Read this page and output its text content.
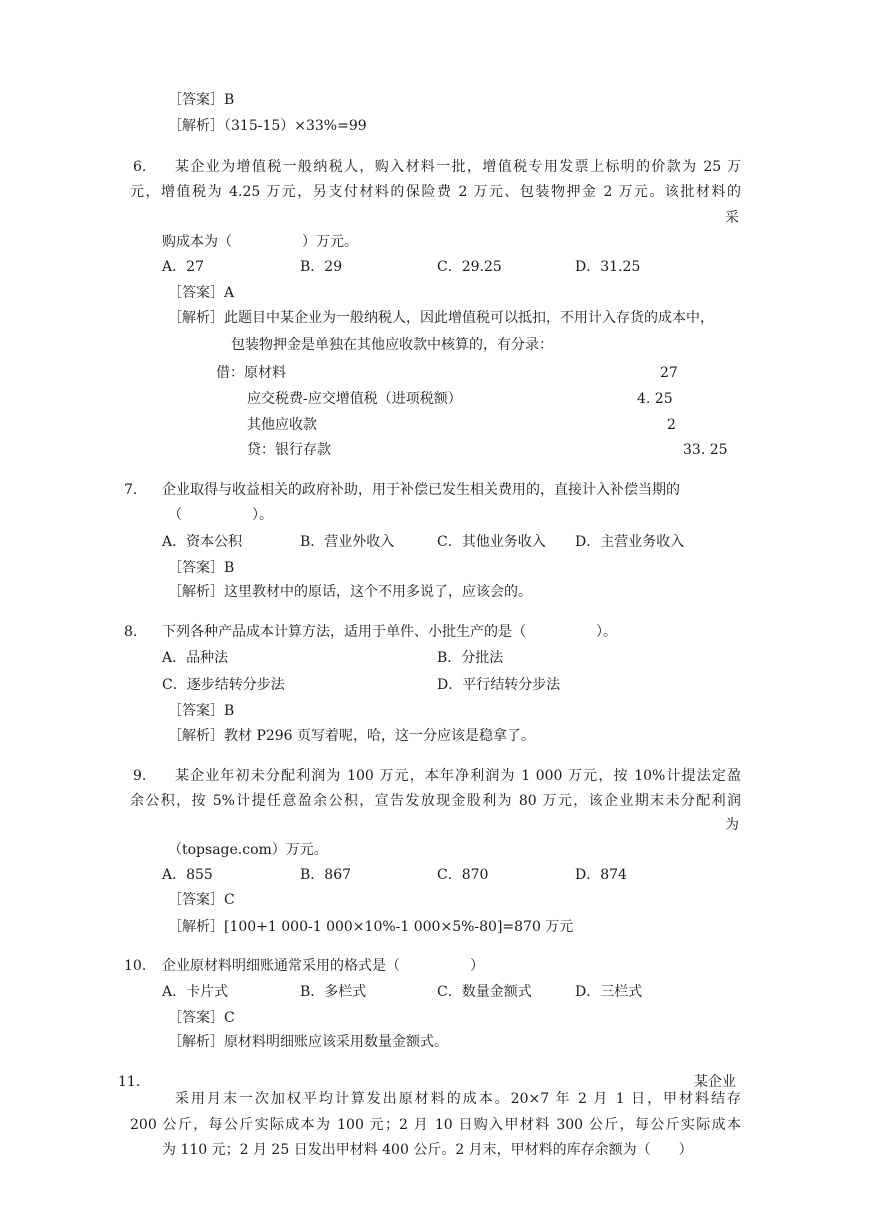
［答案］B
［解析］（315-15）×33%=99
6. 某企业为增值税一般纳税人，购入材料一批，增值税专用发票上标明的价款为 25 万
元，增值税为 4.25 万元，另支付材料的保险费 2 万元、包装物押金 2 万元。该批材料的
采
购成本为（　　　　　）万元。
A．27	B．29	C．29.25	D．31.25
［答案］A
［解析］此题目中某企业为一般纳税人，因此增值税可以抵扣，不用计入存货的成本中，
包装物押金是单独在其他应收款中核算的，有分录：
借：原材料	27
应交税费-应交增值税（进项税额）	4. 25
其他应收款	2
贷：银行存款	33. 25
7. 企业取得与收益相关的政府补助，用于补偿已发生相关费用的，直接计入补偿当期的
（　　　　　）。
A．资本公积	B．营业外收入	C．其他业务收入 D．主营业务收入
［答案］B
［解析］这里教材中的原话，这个不用多说了，应该会的。
8. 下列各种产品成本计算方法，适用于单件、小批生产的是（　　　　　）。
A．品种法	B．分批法
C．逐步结转分步法	D．平行结转分步法
［答案］B
［解析］教材 P296 页写着呢，哈，这一分应该是稳拿了。
9. 某企业年初未分配利润为 100 万元，本年净利润为 1 000 万元，按 10%计提法定盈
余公积，按 5%计提任意盈余公积，宣告发放现金股利为 80 万元，该企业期末未分配利润
为
（topsage.com）万元。
A．855	B．867	C．870	D．874
［答案］C
［解析］[100+1 000-1 000×10%-1 000×5%-80]=870 万元
10. 企业原材料明细账通常采用的格式是（　　　　　）
A．卡片式	B．多栏式	C．数量金额式	D．三栏式
［答案］C
［解析］原材料明细账应该采用数量金额式。
11.	某企业
采用月末一次加权平均计算发出原材料的成本。20×7 年 2 月 1 日，甲材料结存
200 公斤，每公斤实际成本为 100 元；2 月 10 日购入甲材料 300 公斤，每公斤实际成本
为 110 元；2 月 25 日发出甲材料 400 公斤。2 月末，甲材料的库存余额为（　　）
